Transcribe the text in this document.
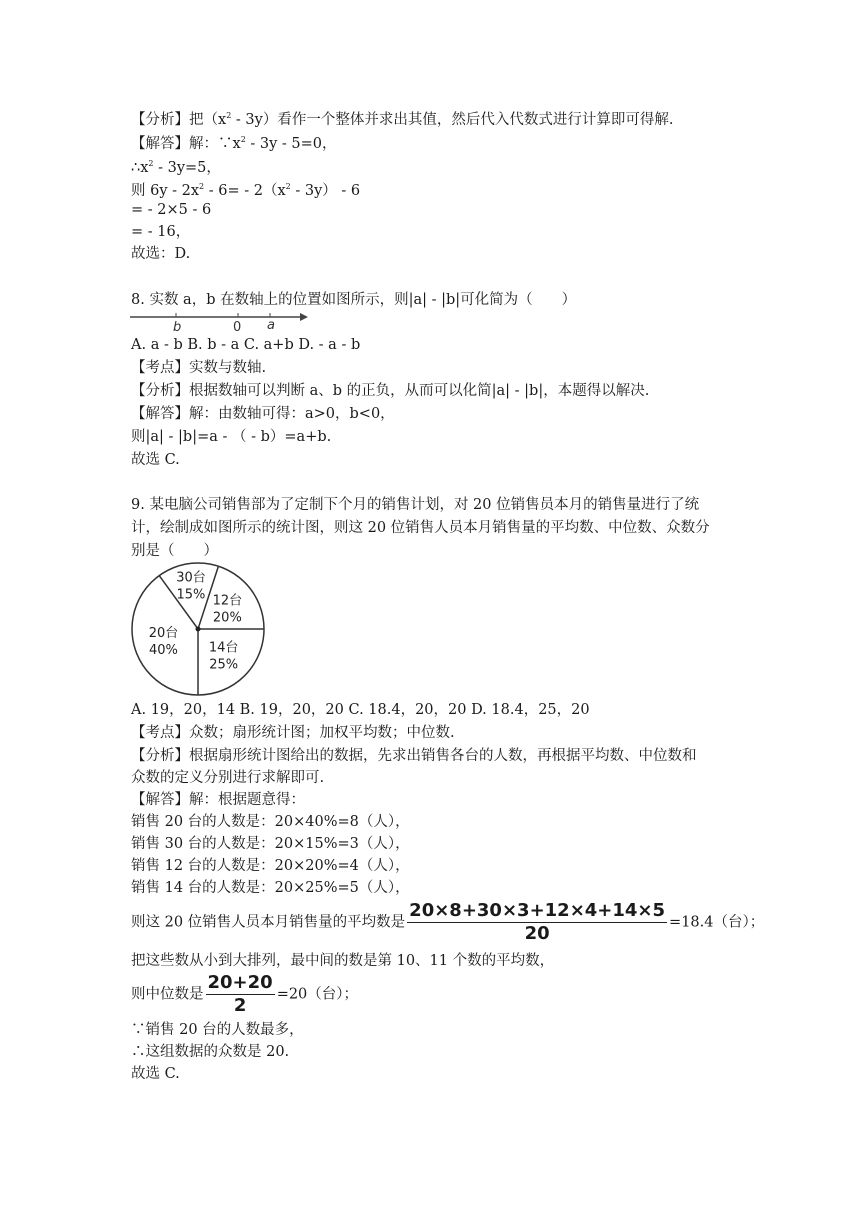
【分析】把（$x^2$ ‑ 3y）看作一个整体并求出其值，然后代入代数式进行计算即可得解.
【解答】解：$\because x^2$ ‑ 3y ‑ 5=0，
$\therefore x^2$ ‑ 3y=5，
则 6y ‑ $2x^2$ ‑ 6= ‑ $2(x^2$ ‑ 3y） ‑ 6
= ‑ 2×5 ‑ 6
= ‑ 16，
故选：D.
8. 实数 a，b 在数轴上的位置如图所示，则|a| ‑ |b|可化简为（　　）
b	0 a
A. a ‑ b B. b ‑ a C. a+b D. ‑ a ‑ b
【考点】实数与数轴.
【分析】根据数轴可以判断 a、b 的正负，从而可以化简|a| ‑ |b|，本题得以解决.
【解答】解：由数轴可得：a>0，b<0，
则|a| ‑ |b|=a ‑ （ ‑ b）=a+b.
故选 C.
9. 某电脑公司销售部为了定制下个月的销售计划，对 20 位销售员本月的销售量进行了统
计，绘制成如图所示的统计图，则这 20 位销售人员本月销售量的平均数、中位数、众数分
别是（　　）
30台
15% 12台
20%
14台
25%
20台
40%
A. 19，20，14 B. 19，20，20 C. 18.4，20，20 D. 18.4，25，20
【考点】众数；扇形统计图；加权平均数；中位数.
【分析】根据扇形统计图给出的数据，先求出销售各台的人数，再根据平均数、中位数和
众数的定义分别进行求解即可.
【解答】解：根据题意得：
销售 20 台的人数是：20×40%=8（人），
销售 30 台的人数是：20×15%=3（人），
销售 12 台的人数是：20×20%=4（人），
销售 14 台的人数是：20×25%=5（人），
则这 20 位销售人员本月销售量的平均数是 $\frac{20\times 8+30\times 3+12\times 4+14\times 5}{20} =18.4$（台）；
把这些数从小到大排列，最中间的数是第 10、11 个数的平均数，
则中位数是 $\frac{20+20}{2} =20$（台）；
∵销售 20 台的人数最多，
∴这组数据的众数是 20.
故选 C.
